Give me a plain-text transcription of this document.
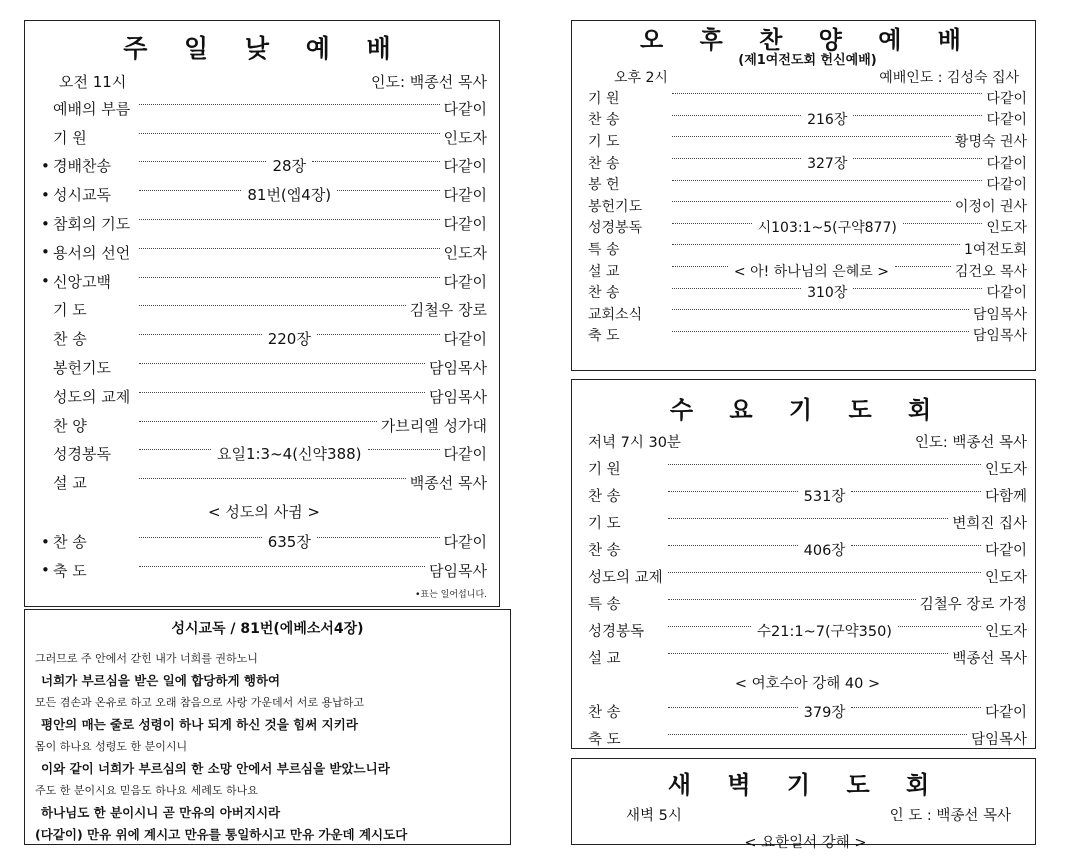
주 일 낮 예 배
오전 11시	인도: 백종선 목사
예배의 부름	다같이
기 원	인도자
• 경배찬송	28장	다같이
• 성시교독	81번(엡4장)	다같이
• 참회의 기도	다같이
• 용서의 선언	인도자
• 신앙고백	다같이
기 도	김철우 장로
찬 송	220장	다같이
봉헌기도	담임목사
성도의 교제	담임목사
찬 양	가브리엘 성가대
성경봉독	요일1:3~4(신약388)	다같이
설 교	백종선 목사
< 성도의 사귐 >
• 찬 송	635장	다같이
• 축 도	담임목사
•표는 일어섭니다.
성시교독 / 81번(에베소서4장)
그러므로 주 안에서 갇힌 내가 너희를 권하노니
너희가 부르심을 받은 일에 합당하게 행하여
모든 겸손과 온유로 하고 오래 참음으로 사랑 가운데서 서로 용납하고
평안의 매는 줄로 성령이 하나 되게 하신 것을 힘써 지키라
몸이 하나요 성령도 한 분이시니
이와 같이 너희가 부르심의 한 소망 안에서 부르심을 받았느니라
주도 한 분이시요 믿음도 하나요 세례도 하나요
하나님도 한 분이시니 곧 만유의 아버지시라
(다같이) 만유 위에 계시고 만유를 통일하시고 만유 가운데 계시도다
오 후 찬 양 예 배
(제1여전도회 헌신예배)
오후 2시	예배인도 : 김성숙 집사
기 원	다같이
찬 송	216장	다같이
기 도	황명숙 권사
찬 송	327장	다같이
봉 헌	다같이
봉헌기도	이정이 권사
성경봉독	시103:1~5(구약877)	인도자
특 송	1여전도회
설 교	< 아! 하나님의 은혜로 >	김건오 목사
찬 송	310장	다같이
교회소식	담임목사
축 도	담임목사
수 요 기 도 회
저녁 7시 30분	인도: 백종선 목사
기 원	인도자
찬 송	531장	다함께
기 도	변희진 집사
찬 송	406장	다같이
성도의 교제	인도자
특 송	김철우 장로 가정
성경봉독	수21:1~7(구약350)	인도자
설 교	백종선 목사
< 여호수아 강해 40 >
찬 송	379장	다같이
축 도	담임목사
새 벽 기 도 회
새벽 5시	인 도 : 백종선 목사
< 요한일서 강해 >
